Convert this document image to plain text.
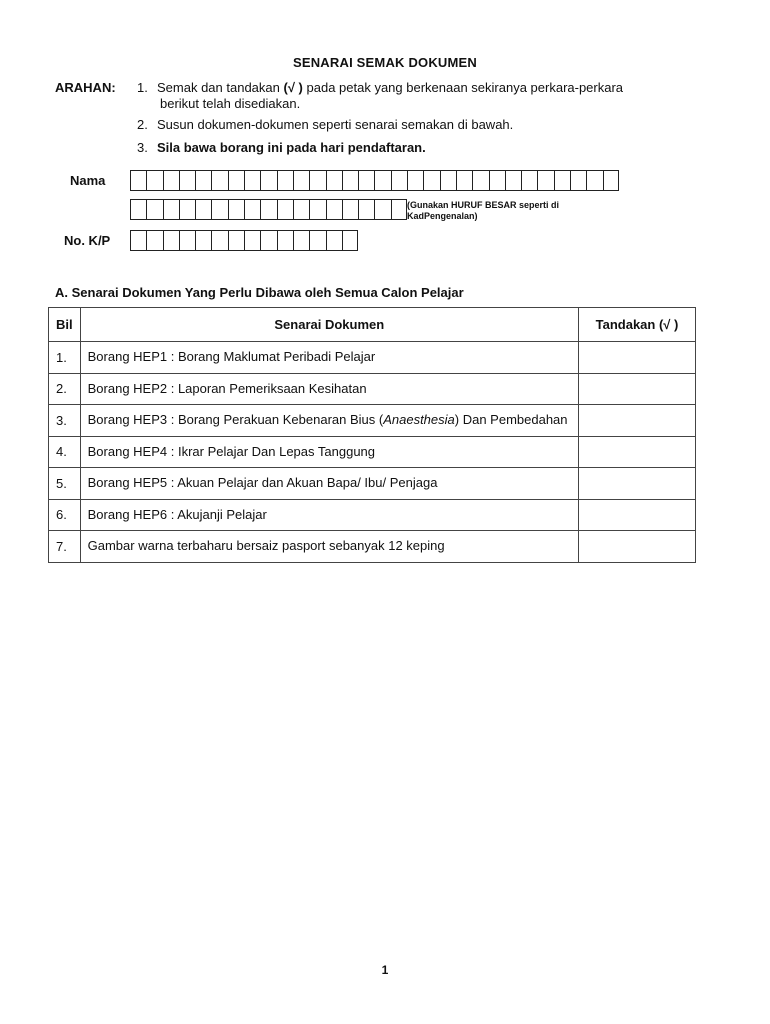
SENARAI SEMAK DOKUMEN
ARAHAN: 1. Semak dan tandakan (√ ) pada petak yang berkenaan sekiranya perkara-perkara
berikut telah disediakan.
2. Susun dokumen-dokumen seperti senarai semakan di bawah.
3. Sila bawa borang ini pada hari pendaftaran.
Nama
(Gunakan HURUF BESAR seperti di KadPengenalan)
No. K/P
A. Senarai Dokumen Yang Perlu Dibawa oleh Semua Calon Pelajar
Bil	Senarai Dokumen	Tandakan (√ )
1.	Borang HEP1 : Borang Maklumat Peribadi Pelajar	
2.	Borang HEP2 : Laporan Pemeriksaan Kesihatan	
3.	Borang HEP3 : Borang Perakuan Kebenaran Bius (Anaesthesia) Dan Pembedahan	
4.	Borang HEP4 : Ikrar Pelajar Dan Lepas Tanggung	
5.	Borang HEP5 : Akuan Pelajar dan Akuan Bapa/ Ibu/ Penjaga	
6.	Borang HEP6 : Akujanji Pelajar	
7.	Gambar warna terbaharu bersaiz pasport sebanyak 12 keping	
1
